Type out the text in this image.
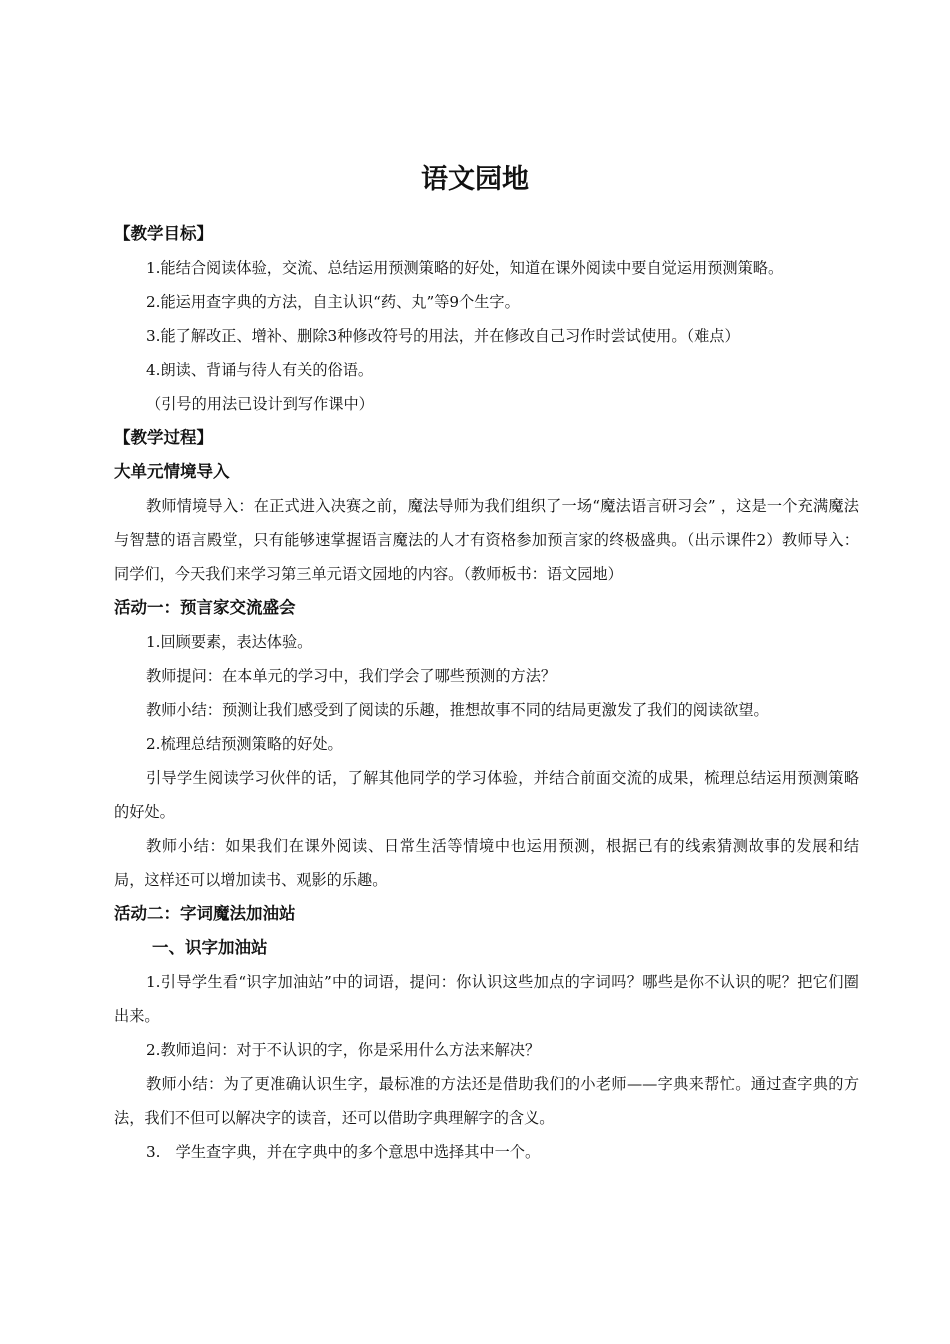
语文园地
【教学目标】
1.能结合阅读体验，交流、总结运用预测策略的好处，知道在课外阅读中要自觉运用预测策略。
2.能运用查字典的方法，自主认识“药、丸”等9个生字。
3.能了解改正、增补、删除3种修改符号的用法，并在修改自己习作时尝试使用。（难点）
4.朗读、背诵与待人有关的俗语。
（引号的用法已设计到写作课中）
【教学过程】
大单元情境导入
教师情境导入：在正式进入决赛之前，魔法导师为我们组织了一场“魔法语言研习会” ，这是一个充满魔法与智慧的语言殿堂，只有能够速掌握语言魔法的人才有资格参加预言家的终极盛典。（出示课件2）教师导入：同学们，今天我们来学习第三单元语文园地的内容。（教师板书：语文园地）
活动一：预言家交流盛会
1.回顾要素，表达体验。
教师提问：在本单元的学习中，我们学会了哪些预测的方法？
教师小结：预测让我们感受到了阅读的乐趣，推想故事不同的结局更激发了我们的阅读欲望。
2.梳理总结预测策略的好处。
引导学生阅读学习伙伴的话，了解其他同学的学习体验，并结合前面交流的成果，梳理总结运用预测策略的好处。
教师小结：如果我们在课外阅读、日常生活等情境中也运用预测，根据已有的线索猜测故事的发展和结局，这样还可以增加读书、观影的乐趣。
活动二：字词魔法加油站
一、识字加油站
1.引导学生看“识字加油站”中的词语，提问：你认识这些加点的字词吗？哪些是你不认识的呢？把它们圈出来。
2.教师追问：对于不认识的字，你是采用什么方法来解决？
教师小结：为了更准确认识生字，最标准的方法还是借助我们的小老师——字典来帮忙。通过查字典的方法，我们不但可以解决字的读音，还可以借助字典理解字的含义。
3.　学生查字典，并在字典中的多个意思中选择其中一个。
